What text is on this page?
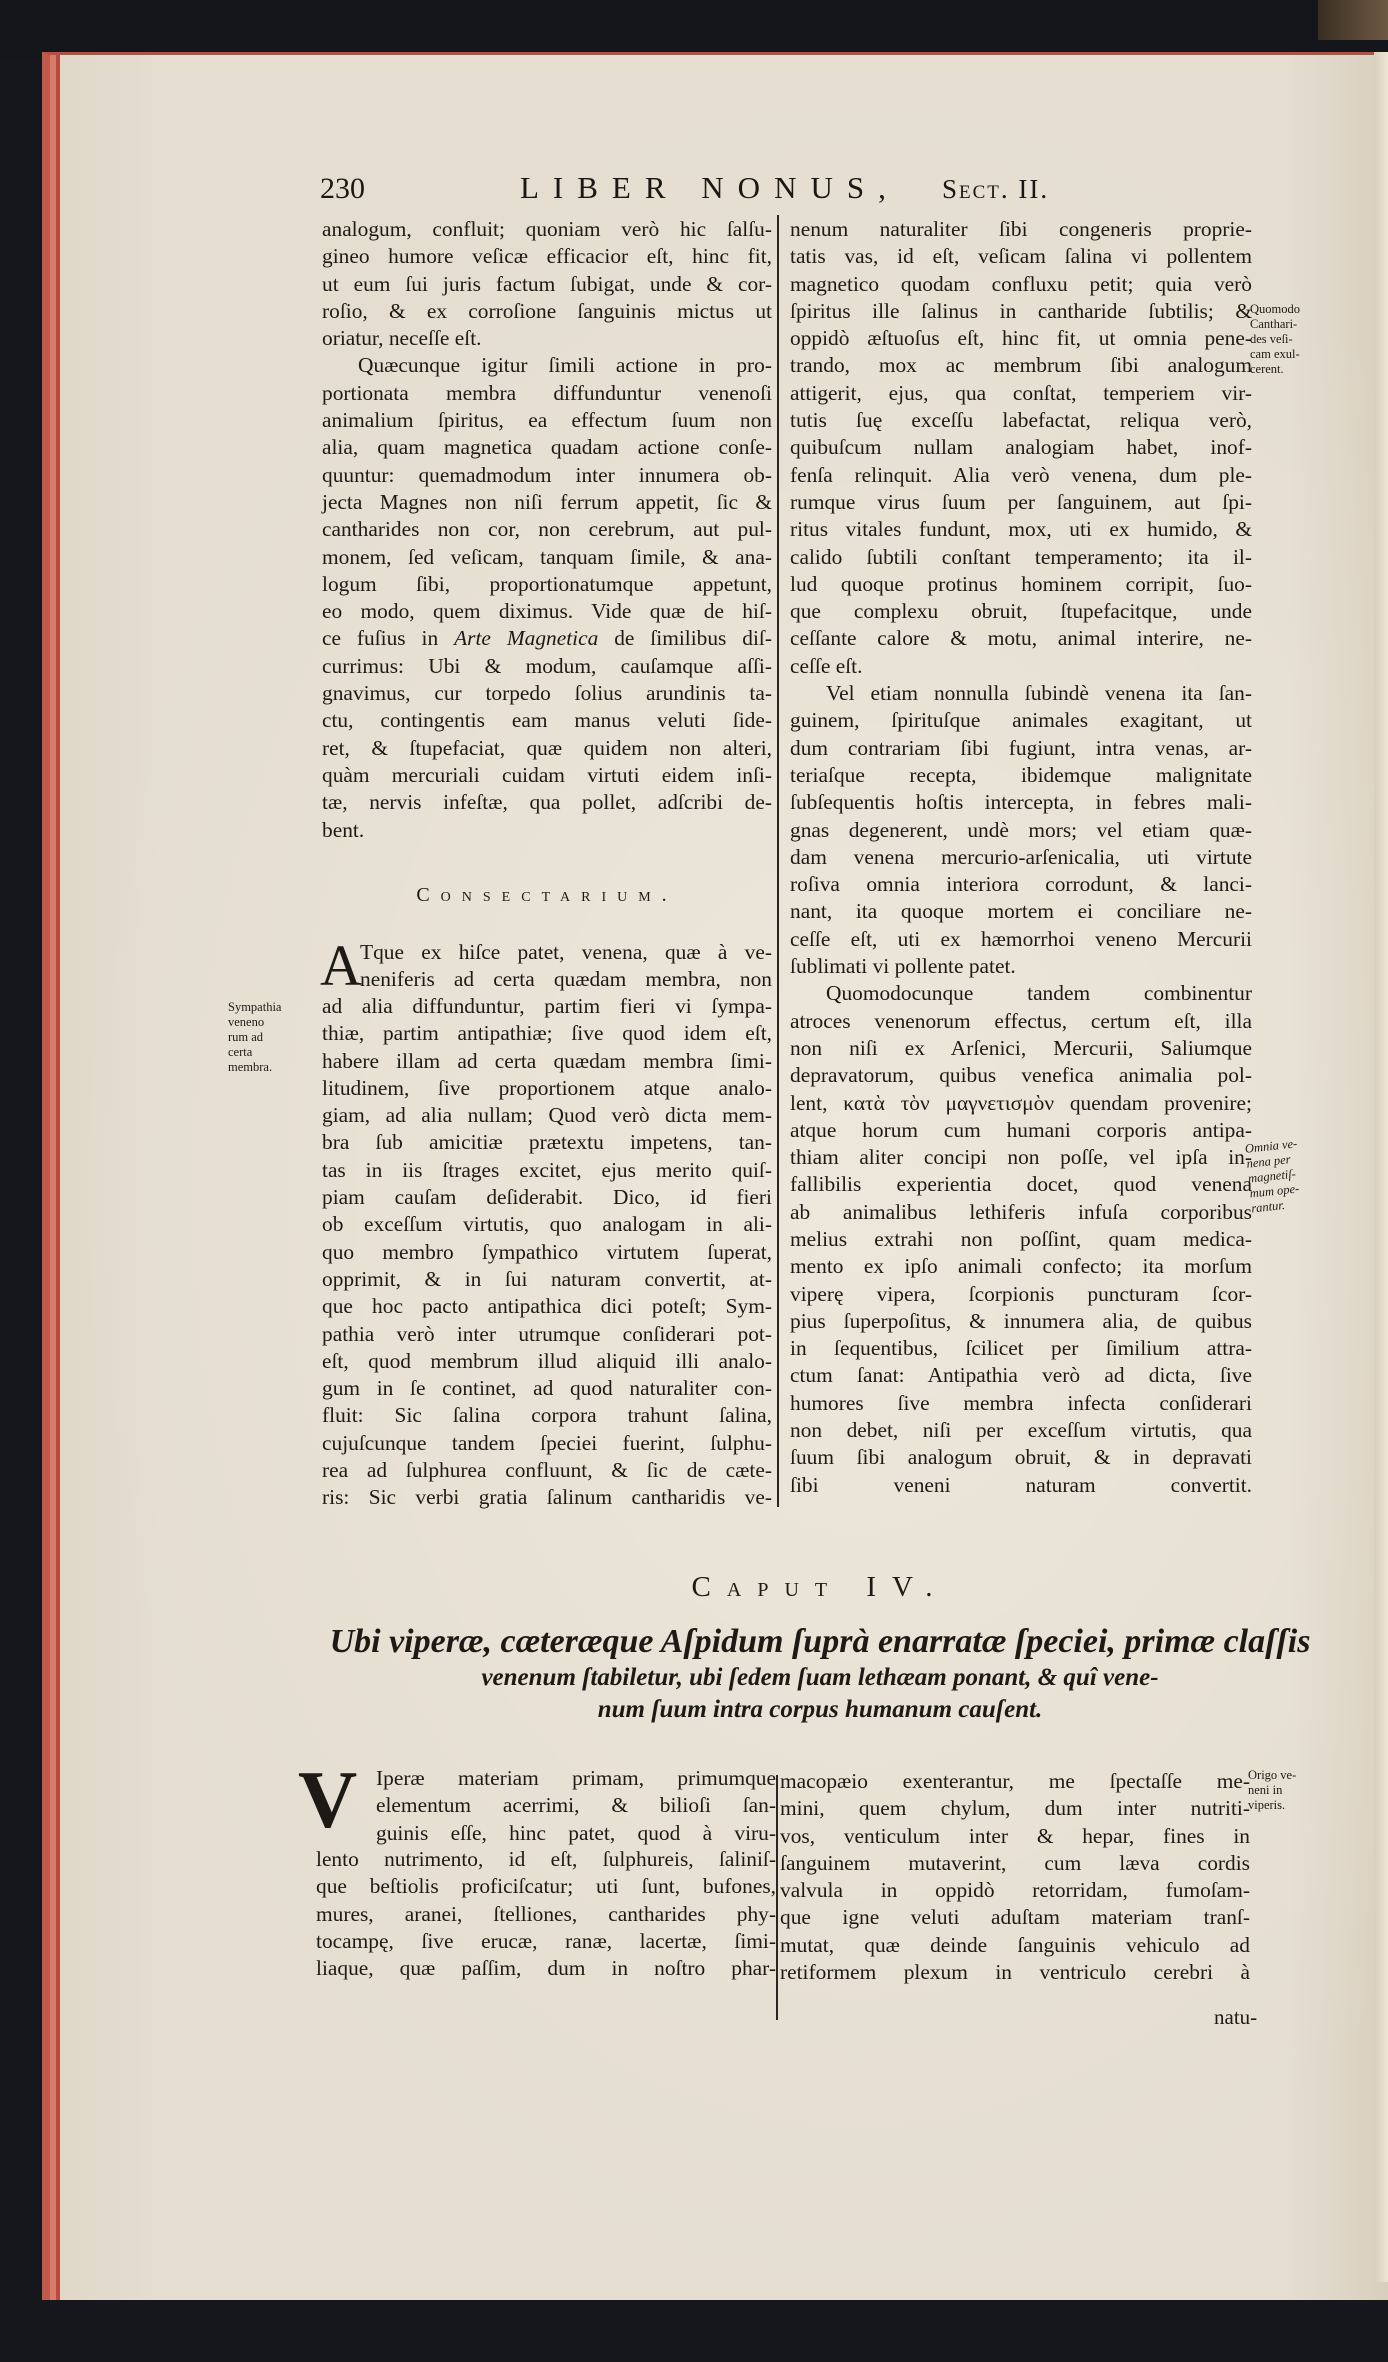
230	LIBER NONUS, Sect. II.
analogum, confluit; quoniam verò hic ſalſu-
gineo humore veſicæ efficacior eſt, hinc fit,
ut eum ſui juris factum ſubigat, unde & cor-
roſio, & ex corroſione ſanguinis mictus ut
oriatur, neceſſe eſt.
Quæcunque igitur ſimili actione in pro-
portionata membra diffunduntur venenoſi
animalium ſpiritus, ea effectum ſuum non
alia, quam magnetica quadam actione conſe-
quuntur: quemadmodum inter innumera ob-
jecta Magnes non niſi ferrum appetit, ſic &
cantharides non cor, non cerebrum, aut pul-
monem, ſed veſicam, tanquam ſimile, & ana-
logum ſibi, proportionatumque appetunt,
eo modo, quem diximus. Vide quæ de hiſ-
ce fuſius in Arte Magnetica de ſimilibus diſ-
currimus: Ubi & modum, cauſamque aſſi-
gnavimus, cur torpedo ſolius arundinis ta-
ctu, contingentis eam manus veluti ſide-
ret, & ſtupefaciat, quæ quidem non alteri,
quàm mercuriali cuidam virtuti eidem inſi-
tæ, nervis infeſtæ, qua pollet, adſcribi de-
bent.
nenum naturaliter ſibi congeneris proprie-
tatis vas, id eſt, veſicam ſalina vi pollentem
magnetico quodam confluxu petit; quia verò
ſpiritus ille ſalinus in cantharide ſubtilis; &
oppidò æſtuoſus eſt, hinc fit, ut omnia pene-
trando, mox ac membrum ſibi analogum
attigerit, ejus, qua conſtat, temperiem vir-
tutis ſuę exceſſu labefactat, reliqua verò,
quibuſcum nullam analogiam habet, inof-
fenſa relinquit. Alia verò venena, dum ple-
rumque virus ſuum per ſanguinem, aut ſpi-
ritus vitales fundunt, mox, uti ex humido, &
calido ſubtili conſtant temperamento; ita il-
lud quoque protinus hominem corripit, ſuo-
que complexu obruit, ſtupefacitque, unde
ceſſante calore & motu, animal interire, ne-
ceſſe eſt.
Vel etiam nonnulla ſubindè venena ita ſan-
guinem, ſpirituſque animales exagitant, ut
dum contrariam ſibi fugiunt, intra venas, ar-
teriaſque recepta, ibidemque malignitate
ſubſequentis hoſtis intercepta, in febres mali-
gnas degenerent, undè mors; vel etiam quæ-
dam venena mercurio-arſenicalia, uti virtute
roſiva omnia interiora corrodunt, & lanci-
nant, ita quoque mortem ei conciliare ne-
ceſſe eſt, uti ex hæmorrhoi veneno Mercurii
ſublimati vi pollente patet.
Quomodocunque tandem combinentur
atroces venenorum effectus, certum eſt, illa
non niſi ex Arſenici, Mercurii, Saliumque
depravatorum, quibus venefica animalia pol-
lent, κατὰ τὸν μαγνετισμὸν quendam provenire;
atque horum cum humani corporis antipa-
thiam aliter concipi non poſſe, vel ipſa in-
fallibilis experientia docet, quod venena
ab animalibus lethiferis infuſa corporibus
melius extrahi non poſſint, quam medica-
mento ex ipſo animali confecto; ita morſum
viperę vipera, ſcorpionis puncturam ſcor-
pius ſuperpoſitus, & innumera alia, de quibus
in ſequentibus, ſcilicet per ſimilium attra-
ctum ſanat: Antipathia verò ad dicta, ſive
humores ſive membra infecta conſiderari
non debet, niſi per exceſſum virtutis, qua
ſuum ſibi analogum obruit, & in depravati
ſibi veneni naturam convertit.
Consectarium.
A
Tque ex hiſce patet, venena, quæ à ve-
neniferis ad certa quædam membra, non
ad alia diffunduntur, partim fieri vi ſympa-
thiæ, partim antipathiæ; ſive quod idem eſt,
habere illam ad certa quædam membra ſimi-
litudinem, ſive proportionem atque analo-
giam, ad alia nullam; Quod verò dicta mem-
bra ſub amicitiæ prætextu impetens, tan-
tas in iis ſtrages excitet, ejus merito quiſ-
piam cauſam deſiderabit. Dico, id fieri
ob exceſſum virtutis, quo analogam in ali-
quo membro ſympathico virtutem ſuperat,
opprimit, & in ſui naturam convertit, at-
que hoc pacto antipathica dici poteſt; Sym-
pathia verò inter utrumque conſiderari pot-
eſt, quod membrum illud aliquid illi analo-
gum in ſe continet, ad quod naturaliter con-
fluit: Sic ſalina corpora trahunt ſalina,
cujuſcunque tandem ſpeciei fuerint, ſulphu-
rea ad ſulphurea confluunt, & ſic de cæte-
ris: Sic verbi gratia ſalinum cantharidis ve-
Sympathia
veneno
rum ad
certa
membra.
Quomodo
Canthari-
des veſi-
cam exul-
cerent.
Omnia ve-
nena per
magnetiſ-
mum ope-
rantur.
Origo ve-
neni in
viperis.
Caput IV.
Ubi viperæ, cæteræque Aſpidum ſuprà enarratæ ſpeciei, primæ claſſis
venenum ſtabiletur, ubi ſedem ſuam lethæam ponant, & quî vene-
num ſuum intra corpus humanum cauſent.
V Iperæ materiam primam, primumque
elementum acerrimi, & bilioſi ſan-
guinis eſſe, hinc patet, quod à viru-
lento nutrimento, id eſt, ſulphureis, ſaliniſ-
que beſtiolis proficiſcatur; uti ſunt, bufones,
mures, aranei, ſtelliones, cantharides phy-
tocampę, ſive erucæ, ranæ, lacertæ, ſimi-
liaque, quæ paſſim, dum in noſtro phar-
macopæio exenterantur, me ſpectaſſe me-
mini, quem chylum, dum inter nutriti-
vos, venticulum inter & hepar, fines in
ſanguinem mutaverint, cum læva cordis
valvula in oppidò retorridam, fumoſam-
que igne veluti aduſtam materiam tranſ-
mutat, quæ deinde ſanguinis vehiculo ad
retiformem plexum in ventriculo cerebri à
natu-
